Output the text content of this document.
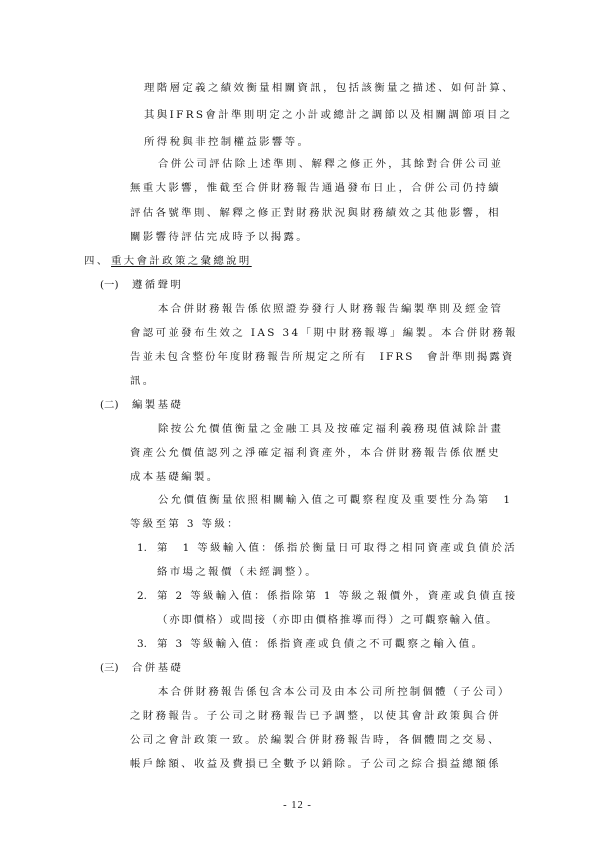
理階層定義之績效衡量相關資訊，包括該衡量之描述、如何計算、
其與IFRS會計準則明定之小計或總計之調節以及相關調節項目之
所得稅與非控制權益影響等。
合併公司評估除上述準則、解釋之修正外，其餘對合併公司並
無重大影響，惟截至合併財務報告通過發布日止，合併公司仍持續
評估各號準則、解釋之修正對財務狀況與財務績效之其他影響，相
關影響待評估完成時予以揭露。
四、 重大會計政策之彙總說明
(一) 遵循聲明
本合併財務報告係依照證券發行人財務報告編製準則及經金管
會認可並發布生效之 IAS 34「期中財務報導」編製。本合併財務報
告並未包含整份年度財務報告所規定之所有　IFRS　會計準則揭露資
訊。
(二) 編製基礎
除按公允價值衡量之金融工具及按確定福利義務現值減除計畫
資產公允價值認列之淨確定福利資產外，本合併財務報告係依歷史
成本基礎編製。
公允價值衡量依照相關輸入值之可觀察程度及重要性分為第　1
等級至第 3 等級：
1. 第　1 等級輸入值：係指於衡量日可取得之相同資產或負債於活
絡市場之報價（未經調整）。
2. 第 2 等級輸入值：係指除第 1 等級之報價外，資產或負債直接
（亦即價格）或間接（亦即由價格推導而得）之可觀察輸入值。
3. 第 3 等級輸入值：係指資產或負債之不可觀察之輸入值。
(三) 合併基礎
本合併財務報告係包含本公司及由本公司所控制個體（子公司）
之財務報告。子公司之財務報告已予調整，以使其會計政策與合併
公司之會計政策一致。於編製合併財務報告時，各個體間之交易、
帳戶餘額、收益及費損已全數予以銷除。子公司之綜合損益總額係
- 12 -
